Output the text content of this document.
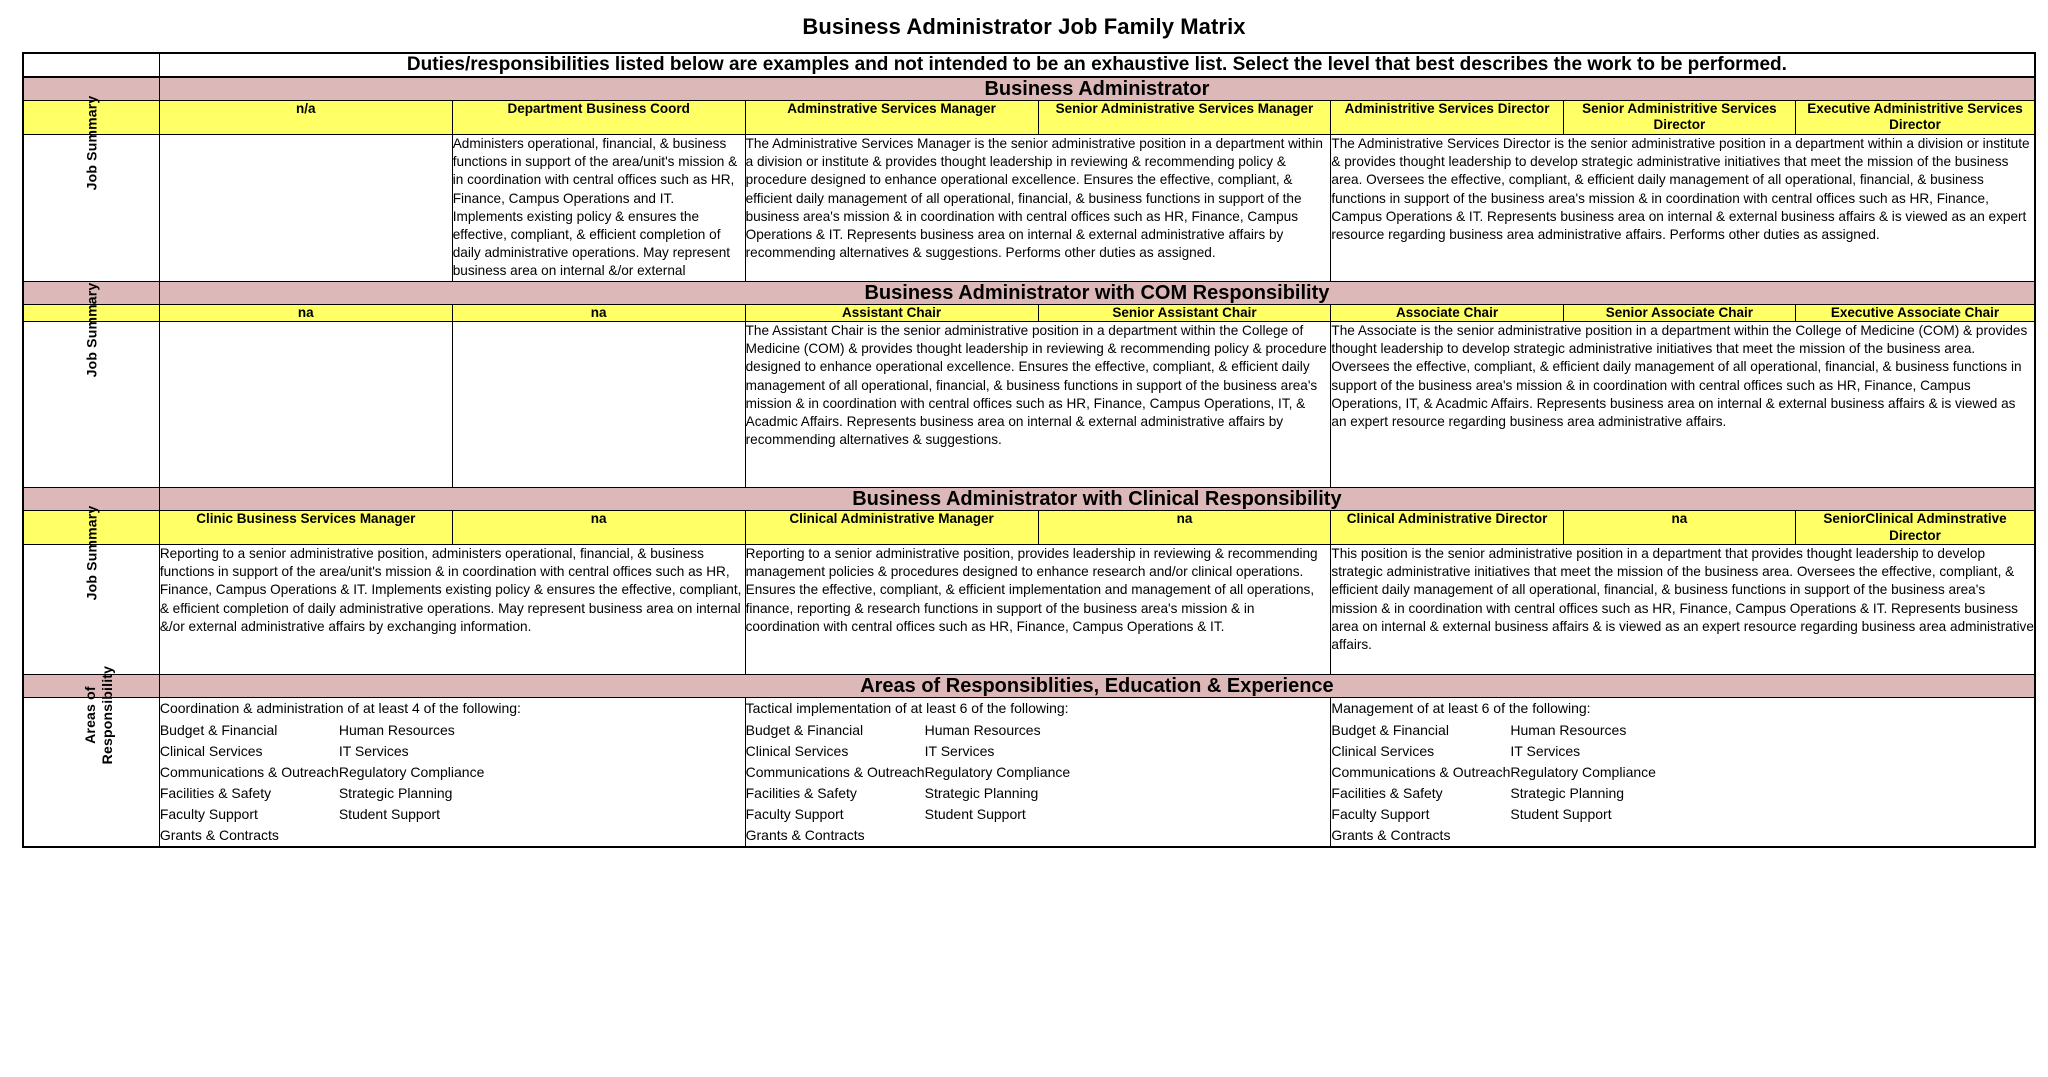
Business Administrator Job Family Matrix
	Duties/responsibilities listed below are examples and not intended to be an exhaustive list. Select the level that best describes the work to be performed.						
	Business Administrator						
	n/a	Department Business Coord	Adminstrative Services Manager	Senior Administrative Services Manager	Administritive Services Director	Senior Administritive Services Director	Executive Administritive Services Director

Job Summary		Administers operational, financial, & business functions in support of the area/unit's mission & in coordination with central offices such as HR, Finance, Campus Operations and IT. Implements existing policy & ensures the effective, compliant, & efficient completion of daily administrative operations. May represent business area on internal &/or external	The Administrative Services Manager is the senior administrative position in a department within a division or institute & provides thought leadership in reviewing & recommending policy & procedure designed to enhance operational excellence. Ensures the effective, compliant, & efficient daily management of all operational, financial, & business functions in support of the business area's mission & in coordination with central offices such as HR, Finance, Campus Operations & IT. Represents business area on internal & external administrative affairs by recommending alternatives & suggestions. Performs other duties as assigned.	The Administrative Services Director is the senior administrative position in a department within a division or institute & provides thought leadership to develop strategic administrative initiatives that meet the mission of the business area. Oversees the effective, compliant, & efficient daily management of all operational, financial, & business functions in support of the business area's mission & in coordination with central offices such as HR, Finance, Campus Operations & IT. Represents business area on internal & external business affairs & is viewed as an expert resource regarding business area administrative affairs. Performs other duties as assigned.
	Business Administrator with COM Responsibility						
	na	na	Assistant Chair	Senior Assistant Chair	Associate Chair	Senior Associate Chair	Executive Associate Chair

Job Summary			The Assistant Chair is the senior administrative position in a department within the College of Medicine (COM) & provides thought leadership in reviewing & recommending policy & procedure designed to enhance operational excellence. Ensures the effective, compliant, & efficient daily management of all operational, financial, & business functions in support of the business area's mission & in coordination with central offices such as HR, Finance, Campus Operations, IT, & Acadmic Affairs. Represents business area on internal & external administrative affairs by recommending alternatives & suggestions.	The Associate is the senior administrative position in a department within the College of Medicine (COM) & provides thought leadership to develop strategic administrative initiatives that meet the mission of the business area. Oversees the effective, compliant, & efficient daily management of all operational, financial, & business functions in support of the business area's mission & in coordination with central offices such as HR, Finance, Campus Operations, IT, & Acadmic Affairs. Represents business area on internal & external business affairs & is viewed as an expert resource regarding business area administrative affairs.
	Business Administrator with Clinical Responsibility						
	Clinic Business Services Manager	na	Clinical Administrative Manager	na	Clinical Administrative Director	na	SeniorClinical Adminstrative Director

Job Summary	Reporting to a senior administrative position, administers operational, financial, & business functions in support of the area/unit's mission & in coordination with central offices such as HR, Finance, Campus Operations & IT. Implements existing policy & ensures the effective, compliant, & efficient completion of daily administrative operations. May represent business area on internal &/or external administrative affairs by exchanging information.	Reporting to a senior administrative position, provides leadership in reviewing & recommending management policies & procedures designed to enhance research and/or clinical operations. Ensures the effective, compliant, & efficient implementation and management of all operations, finance, reporting & research functions in support of the business area's mission & in coordination with central offices such as HR, Finance, Campus Operations & IT.	This position is the senior administrative position in a department that provides thought leadership to develop strategic administrative initiatives that meet the mission of the business area. Oversees the effective, compliant, & efficient daily management of all operational, financial, & business functions in support of the business area's mission & in coordination with central offices such as HR, Finance, Campus Operations & IT. Represents business area on internal & external business affairs & is viewed as an expert resource regarding business area administrative affairs.
	Areas of Responsiblities, Education & Experience						

Areas of Responsibility	Coordination & administration of at least 4 of the following:
Budget & Financial	Human Resources
Clinical Services	IT Services
Communications & Outreach Regulatory Compliance
Facilities & Safety	Strategic Planning
Faculty Support	Student Support
Grants & Contracts

Tactical implementation of at least 6 of the following:
Budget & Financial	Human Resources
Clinical Services	IT Services
Communications & Outreach Regulatory Compliance
Facilities & Safety	Strategic Planning
Faculty Support	Student Support
Grants & Contracts

Management of at least 6 of the following:
Budget & Financial	Human Resources
Clinical Services	IT Services
Communications & Outreach Regulatory Compliance
Facilities & Safety	Strategic Planning
Faculty Support	Student Support
Grants & Contracts
